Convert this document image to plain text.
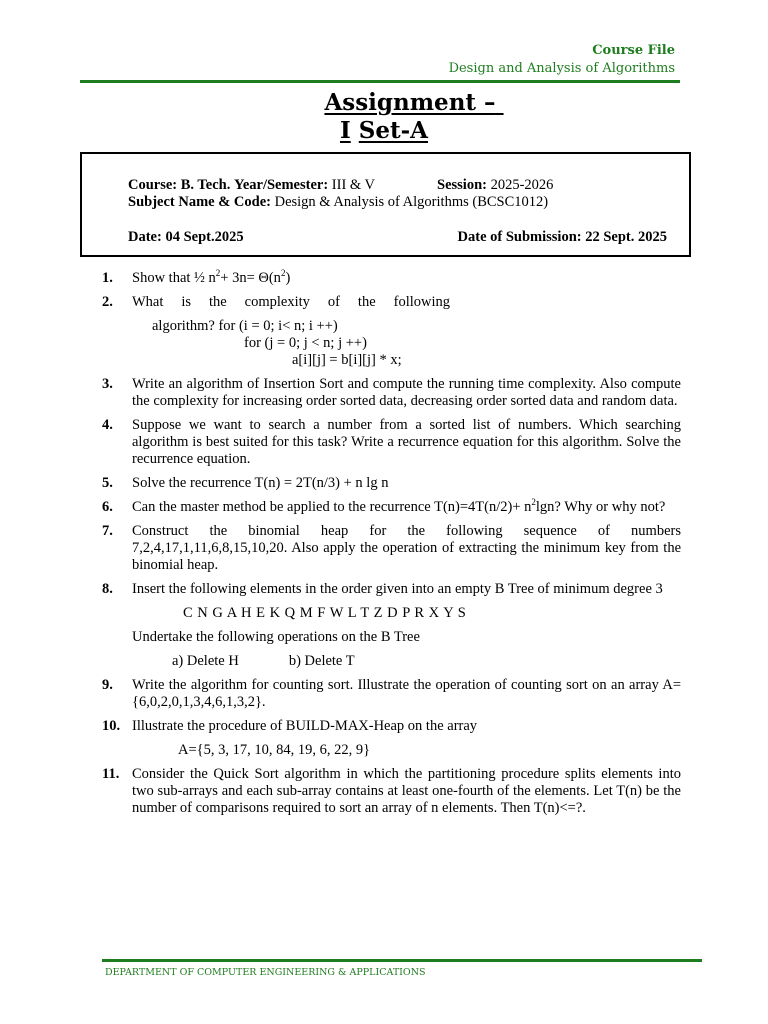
Course File
Design and Analysis of Algorithms
Assignment –
I Set-A
Course: B. Tech. Year/Semester: III & V	Session: 2025-2026
Subject Name & Code: Design & Analysis of Algorithms (BCSC1012)
Date: 04 Sept.2025	Date of Submission: 22 Sept. 2025
1. Show that ½ $n^2+ 3n= \Theta(n^2)$
2. What is the complexity of the following
algorithm? for (i = 0; i< n; i ++)
for (j = 0; j < n; j ++)
a[i][j] = b[i][j] * x;
3. Write an algorithm of Insertion Sort and compute the running time complexity. Also compute the complexity for increasing order sorted data, decreasing order sorted data and random data.
4. Suppose we want to search a number from a sorted list of numbers. Which searching algorithm is best suited for this task? Write a recurrence equation for this algorithm. Solve the recurrence equation.
5. Solve the recurrence T(n) = 2T(n/3) + n lg n
6. Can the master method be applied to the recurrence $T(n)=4T(n/2)+ n^2\lg n$? Why or why not?
7. Construct the binomial heap for the following sequence of numbers 7,2,4,17,1,11,6,8,15,10,20. Also apply the operation of extracting the minimum key from the binomial heap.
8. Insert the following elements in the order given into an empty B Tree of minimum degree 3
C N G A H E K Q M F W L T Z D P R X Y S
Undertake the following operations on the B Tree
a) Delete H	b) Delete T
9. Write the algorithm for counting sort. Illustrate the operation of counting sort on an array A={6,0,2,0,1,3,4,6,1,3,2}.
10. Illustrate the procedure of BUILD-MAX-Heap on the array
A={5, 3, 17, 10, 84, 19, 6, 22, 9}
11. Consider the Quick Sort algorithm in which the partitioning procedure splits elements into two sub-arrays and each sub-array contains at least one-fourth of the elements. Let T(n) be the number of comparisons required to sort an array of n elements. Then T(n)<=?.
DEPARTMENT OF COMPUTER ENGINEERING & APPLICATIONS
